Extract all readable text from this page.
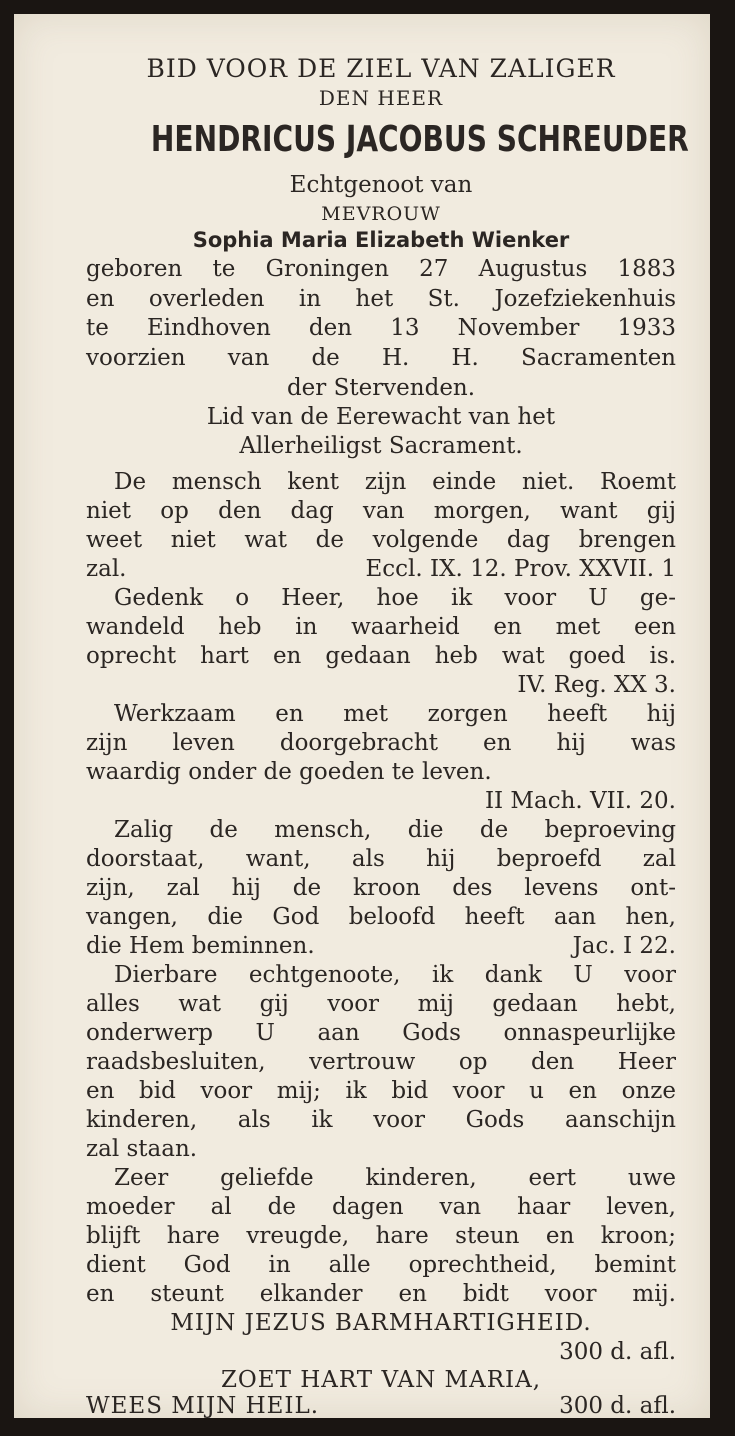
BID VOOR DE ZIEL VAN ZALIGER
DEN HEER
HENDRICUS JACOBUS SCHREUDER
Echtgenoot van
MEVROUW
Sophia Maria Elizabeth Wienker
geboren te Groningen 27 Augustus 1883
en overleden in het St. Jozefziekenhuis
te Eindhoven den 13 November 1933
voorzien van de H. H. Sacramenten
der Stervenden.
Lid van de Eerewacht van het
Allerheiligst Sacrament.
De mensch kent zijn einde niet. Roemt
niet op den dag van morgen, want gij
weet niet wat de volgende dag brengen
zal.	Eccl. IX. 12. Prov. XXVII. 1
Gedenk o Heer, hoe ik voor U ge-
wandeld heb in waarheid en met een
oprecht hart en gedaan heb wat goed is.
IV. Reg. XX 3.
Werkzaam en met zorgen heeft hij
zijn leven doorgebracht en hij was
waardig onder de goeden te leven.
II Mach. VII. 20.
Zalig de mensch, die de beproeving
doorstaat, want, als hij beproefd zal
zijn, zal hij de kroon des levens ont-
vangen, die God beloofd heeft aan hen,
die Hem beminnen.	Jac. I 22.
Dierbare echtgenoote, ik dank U voor
alles wat gij voor mij gedaan hebt,
onderwerp U aan Gods onnaspeurlijke
raadsbesluiten, vertrouw op den Heer
en bid voor mij; ik bid voor u en onze
kinderen, als ik voor Gods aanschijn
zal staan.
Zeer geliefde kinderen, eert uwe
moeder al de dagen van haar leven,
blijft hare vreugde, hare steun en kroon;
dient God in alle oprechtheid, bemint
en steunt elkander en bidt voor mij.
MIJN JEZUS BARMHARTIGHEID.
300 d. afl.
ZOET HART VAN MARIA,
WEES MIJN HEIL.	300 d. afl.
